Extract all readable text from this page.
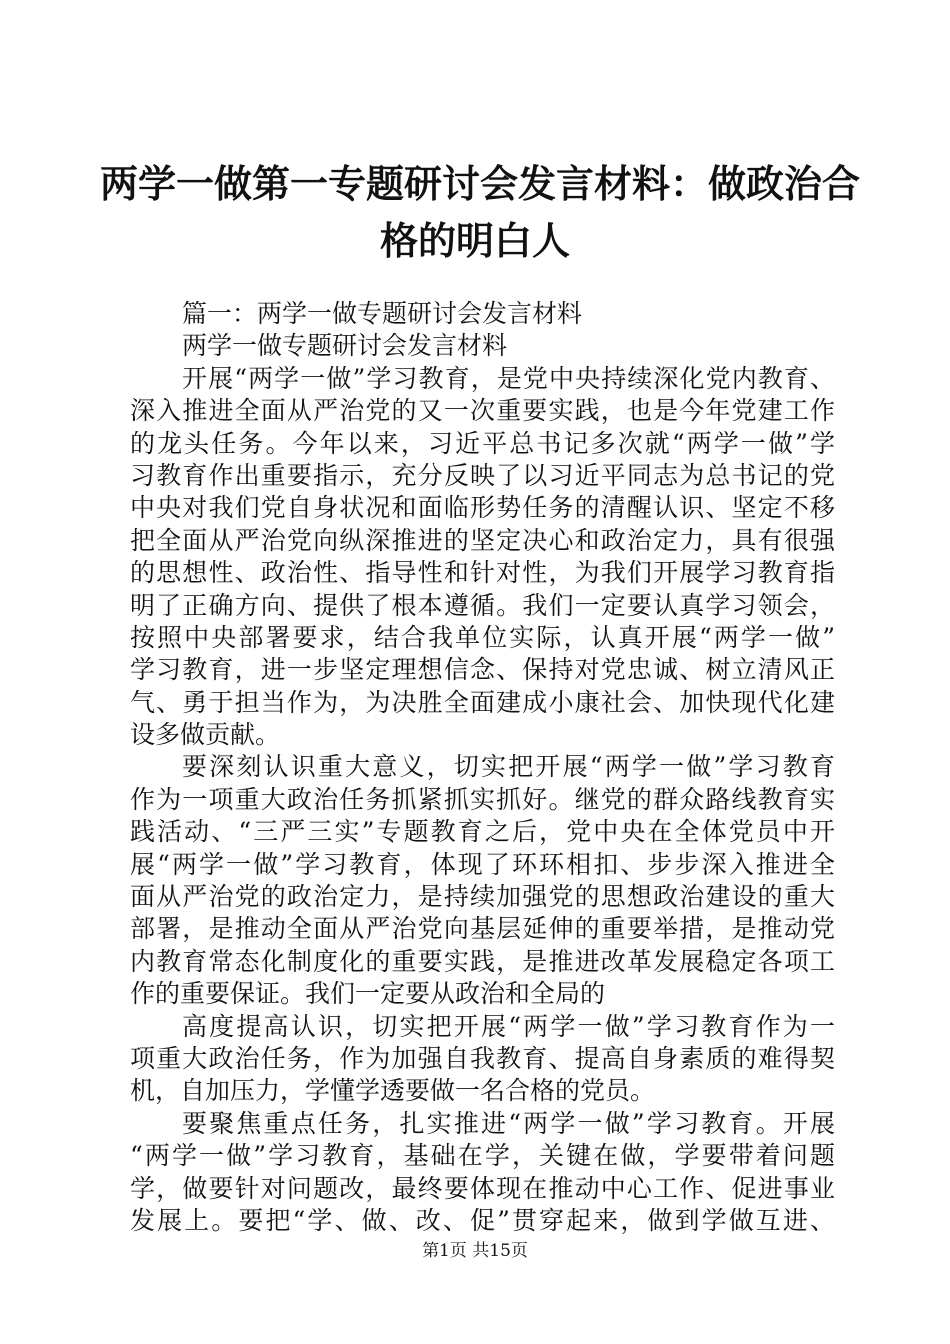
两学一做第一专题研讨会发言材料：做政治合
格的明白人
篇一：两学一做专题研讨会发言材料
两学一做专题研讨会发言材料
开展“两学一做”学习教育，是党中央持续深化党内教育、
深入推进全面从严治党的又一次重要实践，也是今年党建工作
的龙头任务。今年以来，习近平总书记多次就“两学一做”学
习教育作出重要指示，充分反映了以习近平同志为总书记的党
中央对我们党自身状况和面临形势任务的清醒认识、坚定不移
把全面从严治党向纵深推进的坚定决心和政治定力，具有很强
的思想性、政治性、指导性和针对性，为我们开展学习教育指
明了正确方向、提供了根本遵循。我们一定要认真学习领会，
按照中央部署要求，结合我单位实际，认真开展“两学一做”
学习教育，进一步坚定理想信念、保持对党忠诚、树立清风正
气、勇于担当作为，为决胜全面建成小康社会、加快现代化建
设多做贡献。
要深刻认识重大意义，切实把开展“两学一做”学习教育
作为一项重大政治任务抓紧抓实抓好。继党的群众路线教育实
践活动、“三严三实”专题教育之后，党中央在全体党员中开
展“两学一做”学习教育，体现了环环相扣、步步深入推进全
面从严治党的政治定力，是持续加强党的思想政治建设的重大
部署，是推动全面从严治党向基层延伸的重要举措，是推动党
内教育常态化制度化的重要实践，是推进改革发展稳定各项工
作的重要保证。我们一定要从政治和全局的
高度提高认识，切实把开展“两学一做”学习教育作为一
项重大政治任务，作为加强自我教育、提高自身素质的难得契
机，自加压力，学懂学透要做一名合格的党员。
要聚焦重点任务，扎实推进“两学一做”学习教育。开展
“两学一做”学习教育，基础在学，关键在做，学要带着问题
学，做要针对问题改，最终要体现在推动中心工作、促进事业
发展上。要把“学、做、改、促”贯穿起来，做到学做互进、
第1页 共15页
